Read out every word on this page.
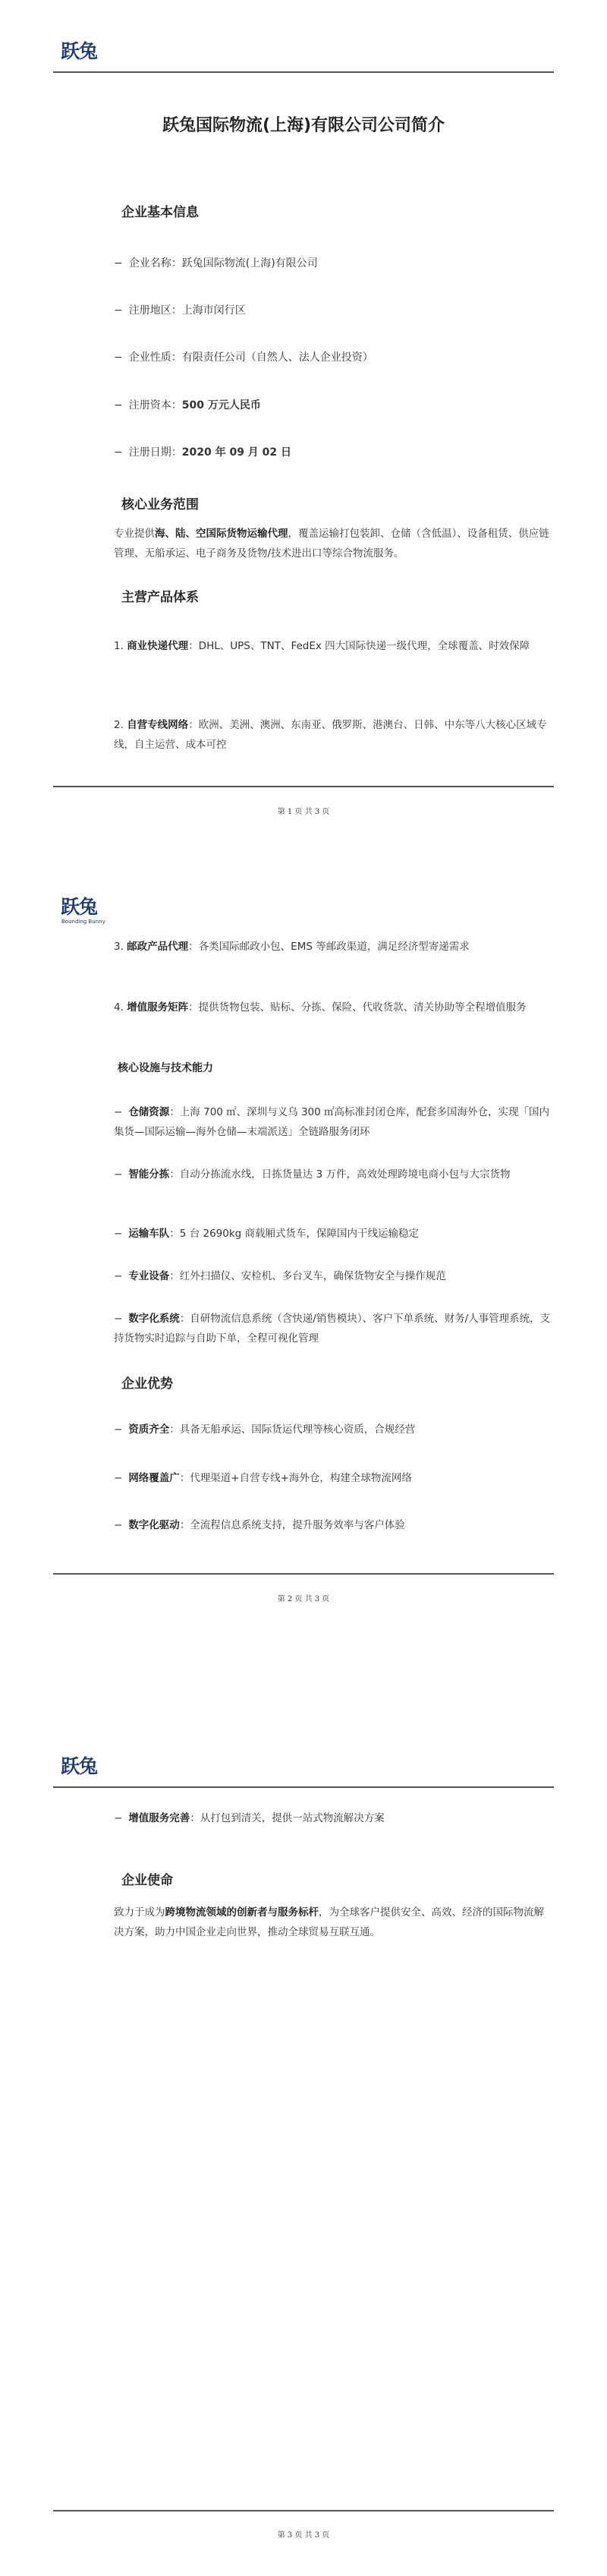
跃兔
跃兔国际物流(上海)有限公司公司简介
企业基本信息
− 企业名称：跃兔国际物流(上海)有限公司
− 注册地区：上海市闵行区
− 企业性质：有限责任公司（自然人、法人企业投资）
− 注册资本：500 万元人民币
− 注册日期：2020 年 09 月 02 日
核心业务范围
专业提供海、陆、空国际货物运输代理，覆盖运输打包装卸、仓储（含低温）、设备租赁、供应链管理、无船承运、电子商务及货物/技术进出口等综合物流服务。
主营产品体系
1. 商业快递代理：DHL、UPS、TNT、FedEx 四大国际快递一级代理，全球覆盖、时效保障
2. 自营专线网络：欧洲、美洲、澳洲、东南亚、俄罗斯、港澳台、日韩、中东等八大核心区域专线，自主运营、成本可控
第 1 页 共 3 页
跃兔
Bounding Bunny
3. 邮政产品代理：各类国际邮政小包、EMS 等邮政渠道，满足经济型寄递需求
4. 增值服务矩阵：提供货物包装、贴标、分拣、保险、代收货款、清关协助等全程增值服务
核心设施与技术能力
− 仓储资源：上海 700 ㎡、深圳与义乌 300 ㎡高标准封闭仓库，配套多国海外仓，实现「国内集货—国际运输—海外仓储—末端派送」全链路服务闭环
− 智能分拣：自动分拣流水线，日拣货量达 3 万件，高效处理跨境电商小包与大宗货物
− 运输车队：5 台 2690kg 商载厢式货车，保障国内干线运输稳定
− 专业设备：红外扫描仪、安检机、多台叉车，确保货物安全与操作规范
− 数字化系统：自研物流信息系统（含快递/销售模块）、客户下单系统、财务/人事管理系统，支持货物实时追踪与自助下单，全程可视化管理
企业优势
− 资质齐全：具备无船承运、国际货运代理等核心资质，合规经营
− 网络覆盖广：代理渠道+自营专线+海外仓，构建全球物流网络
− 数字化驱动：全流程信息系统支持，提升服务效率与客户体验
第 2 页 共 3 页
跃兔
− 增值服务完善：从打包到清关，提供一站式物流解决方案
企业使命
致力于成为跨境物流领域的创新者与服务标杆，为全球客户提供安全、高效、经济的国际物流解决方案，助力中国企业走向世界，推动全球贸易互联互通。
第 3 页 共 3 页
